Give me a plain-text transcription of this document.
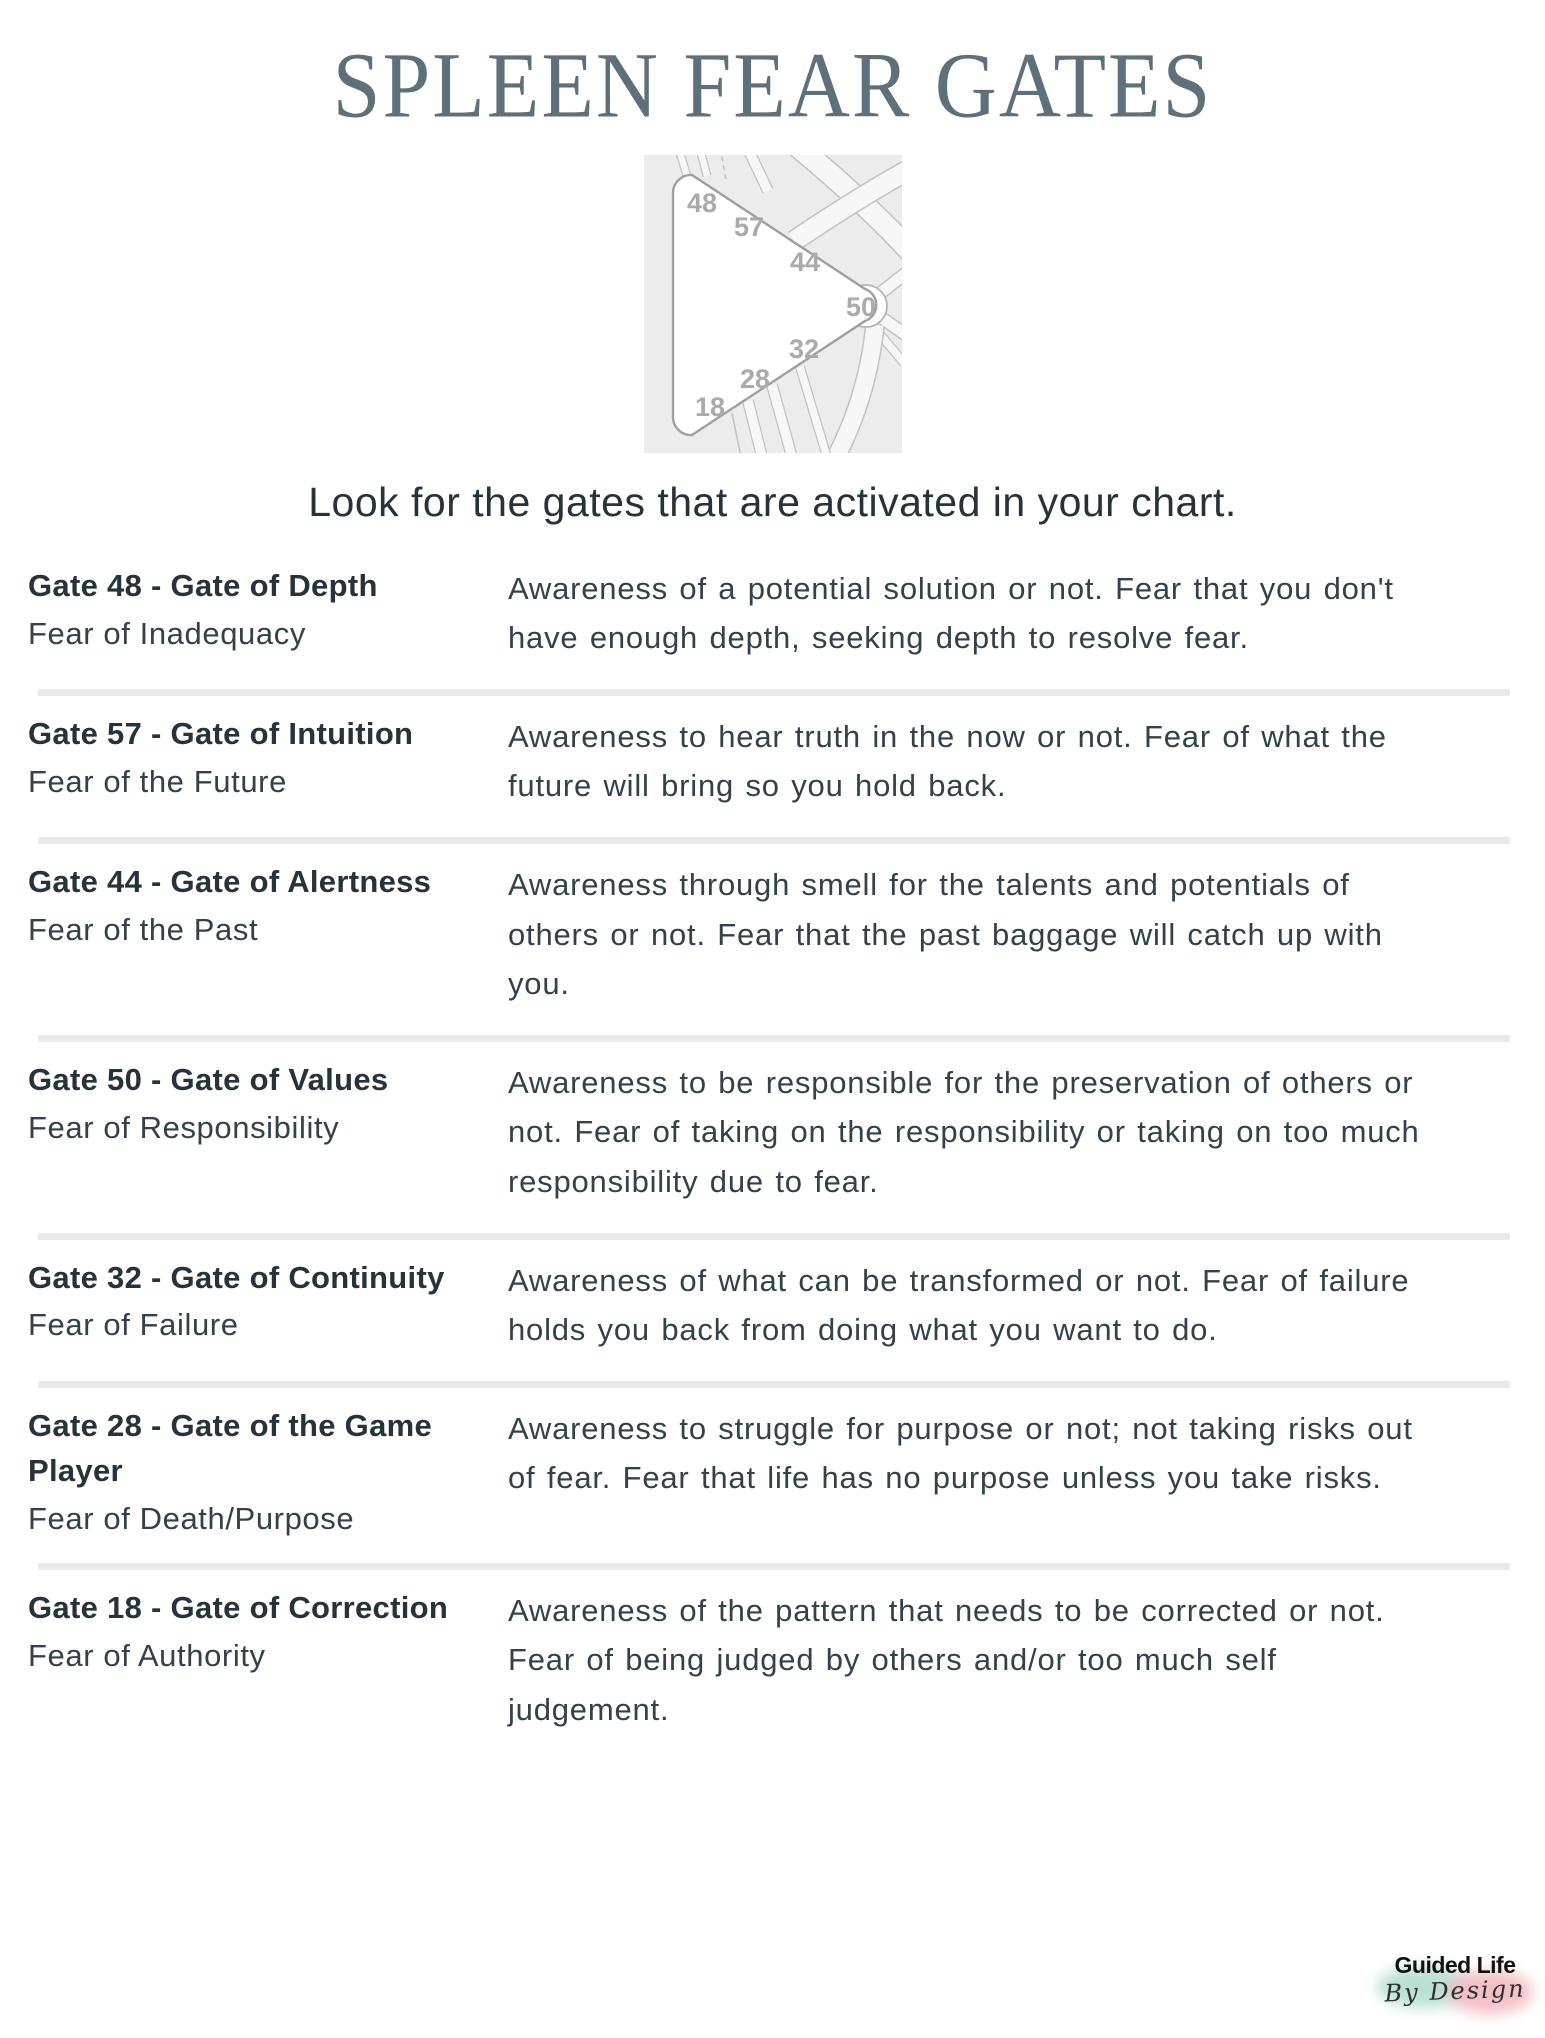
SPLEEN FEAR GATES
48
57
44
50
32
28
18
Look for the gates that are activated in your chart.
Gate 48 - Gate of Depth
Fear of Inadequacy
Awareness of a potential solution or not. Fear that you don't have enough depth, seeking depth to resolve fear.
Gate 57 - Gate of Intuition
Fear of the Future
Awareness to hear truth in the now or not. Fear of what the future will bring so you hold back.
Gate 44 - Gate of Alertness
Fear of the Past
Awareness through smell for the talents and potentials of others or not. Fear that the past baggage will catch up with you.
Gate 50 - Gate of Values
Fear of Responsibility
Awareness to be responsible for the preservation of others or not. Fear of taking on the responsibility or taking on too much responsibility due to fear.
Gate 32 - Gate of Continuity
Fear of Failure
Awareness of what can be transformed or not. Fear of failure holds you back from doing what you want to do.
Gate 28 - Gate of the Game Player
Fear of Death/Purpose
Awareness to struggle for purpose or not; not taking risks out of fear. Fear that life has no purpose unless you take risks.
Gate 18 - Gate of Correction
Fear of Authority
Awareness of the pattern that needs to be corrected or not. Fear of being judged by others and/or too much self judgement.
Guided Life
By Design
